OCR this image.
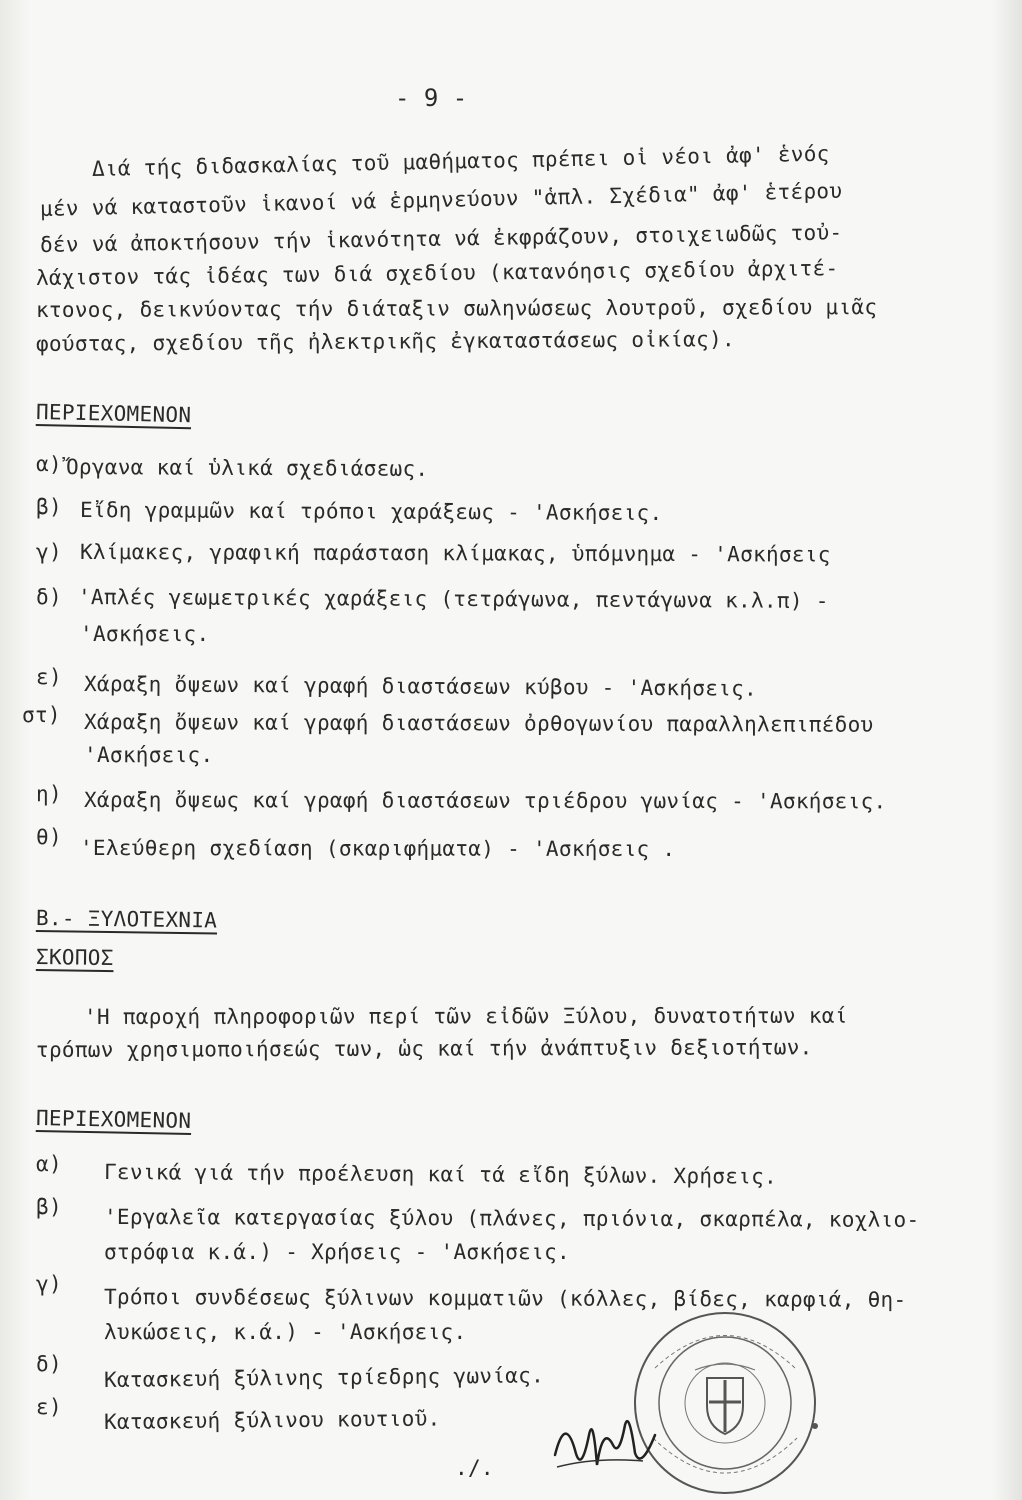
- 9 -
Διά τής διδασκαλίας τοῦ μαθήματος πρέπει οἱ νέοι ἀφ' ἑνός
μέν νά καταστοῦν ἱκανοί νά ἑρμηνεύουν "ἁπλ. Σχέδια" ἀφ' ἑτέρου
δέν νά ἀποκτήσουν τήν ἱκανότητα νά ἐκφράζουν, στοιχειωδῶς τοὐ-
λάχιστον τάς ἰδέας των διά σχεδίου (κατανόησις σχεδίου ἀρχιτέ-
κτονος, δεικνύοντας τήν διάταξιν σωληνώσεως λουτροῦ, σχεδίου μιᾶς
φούστας, σχεδίου τῆς ἠλεκτρικῆς ἐγκαταστάσεως οἰκίας).
ΠΕΡΙΕΧΟΜΕΝΟΝ
α) Ὄργανα καί ὑλικά σχεδιάσεως.
β) Εἴδη γραμμῶν καί τρόποι χαράξεως - 'Ασκήσεις.
γ) Κλίμακες, γραφική παράσταση κλίμακας, ὑπόμνημα - 'Ασκήσεις
δ) 'Απλές γεωμετρικές χαράξεις (τετράγωνα, πεντάγωνα κ.λ.π) -
'Ασκήσεις.
ε) Χάραξη ὄψεων καί γραφή διαστάσεων κύβου - 'Ασκήσεις.
στ) Χάραξη ὄψεων καί γραφή διαστάσεων ὀρθογωνίου παραλληλεπιπέδου
'Ασκήσεις.
η) Χάραξη ὄψεως καί γραφή διαστάσεων τριέδρου γωνίας - 'Ασκήσεις.
θ) 'Ελεύθερη σχεδίαση (σκαριφήματα) - 'Ασκήσεις .
Β.- ΞΥΛΟΤΕΧΝΙΑ
ΣΚΟΠΟΣ
'Η παροχή πληροφοριῶν περί τῶν εἰδῶν Ξύλου, δυνατοτήτων καί
τρόπων χρησιμοποιήσεώς των, ὡς καί τήν ἀνάπτυξιν δεξιοτήτων.
ΠΕΡΙΕΧΟΜΕΝΟΝ
α) Γενικά γιά τήν προέλευση καί τά εἴδη ξύλων. Χρήσεις.
β) 'Εργαλεῖα κατεργασίας ξύλου (πλάνες, πριόνια, σκαρπέλα, κοχλιο-
στρόφια κ.ά.) - Χρήσεις - 'Ασκήσεις.
γ)
Τρόποι συνδέσεως ξύλινων κομματιῶν (κόλλες, βίδες, καρφιά, θη-
λυκώσεις, κ.ά.) - 'Ασκήσεις.
δ) Κατασκευή ξύλινης τρίεδρης γωνίας.
ε) Κατασκευή ξύλινου κουτιοῦ.
./.
